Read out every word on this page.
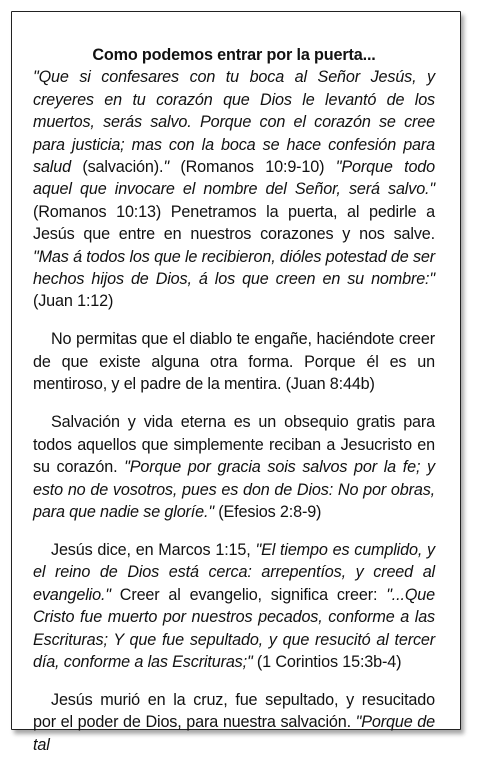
Como podemos entrar por la puerta...

"Que si confesares con tu boca al Señor Jesús, y creyeres en tu corazón que Dios le levantó de los muertos, serás salvo. Porque con el corazón se cree para justicia; mas con la boca se hace confesión para salud (salvación)." (Romanos 10:9-10) "Porque todo aquel que invocare el nombre del Señor, será salvo." (Romanos 10:13) Penetramos la puerta, al pedirle a Jesús que entre en nuestros corazones y nos salve. "Mas á todos los que le recibieron, dióles potestad de ser hechos hijos de Dios, á los que creen en su nombre:" (Juan 1:12)

No permitas que el diablo te engañe, haciéndote creer de que existe alguna otra forma. Porque él es un mentiroso, y el padre de la mentira. (Juan 8:44b)

Salvación y vida eterna es un obsequio gratis para todos aquellos que simplemente reciban a Jesucristo en su corazón. "Porque por gracia sois salvos por la fe; y esto no de vosotros, pues es don de Dios: No por obras, para que nadie se gloríe." (Efesios 2:8-9)

Jesús dice, en Marcos 1:15, "El tiempo es cumplido, y el reino de Dios está cerca: arrepentíos, y creed al evangelio." Creer al evangelio, significa creer: "...Que Cristo fue muerto por nuestros pecados, conforme a las Escrituras; Y que fue sepultado, y que resucitó al tercer día, conforme a las Escrituras;" (1 Corintios 15:3b-4)

Jesús murió en la cruz, fue sepultado, y resucitado por el poder de Dios, para nuestra salvación. "Porque de tal
